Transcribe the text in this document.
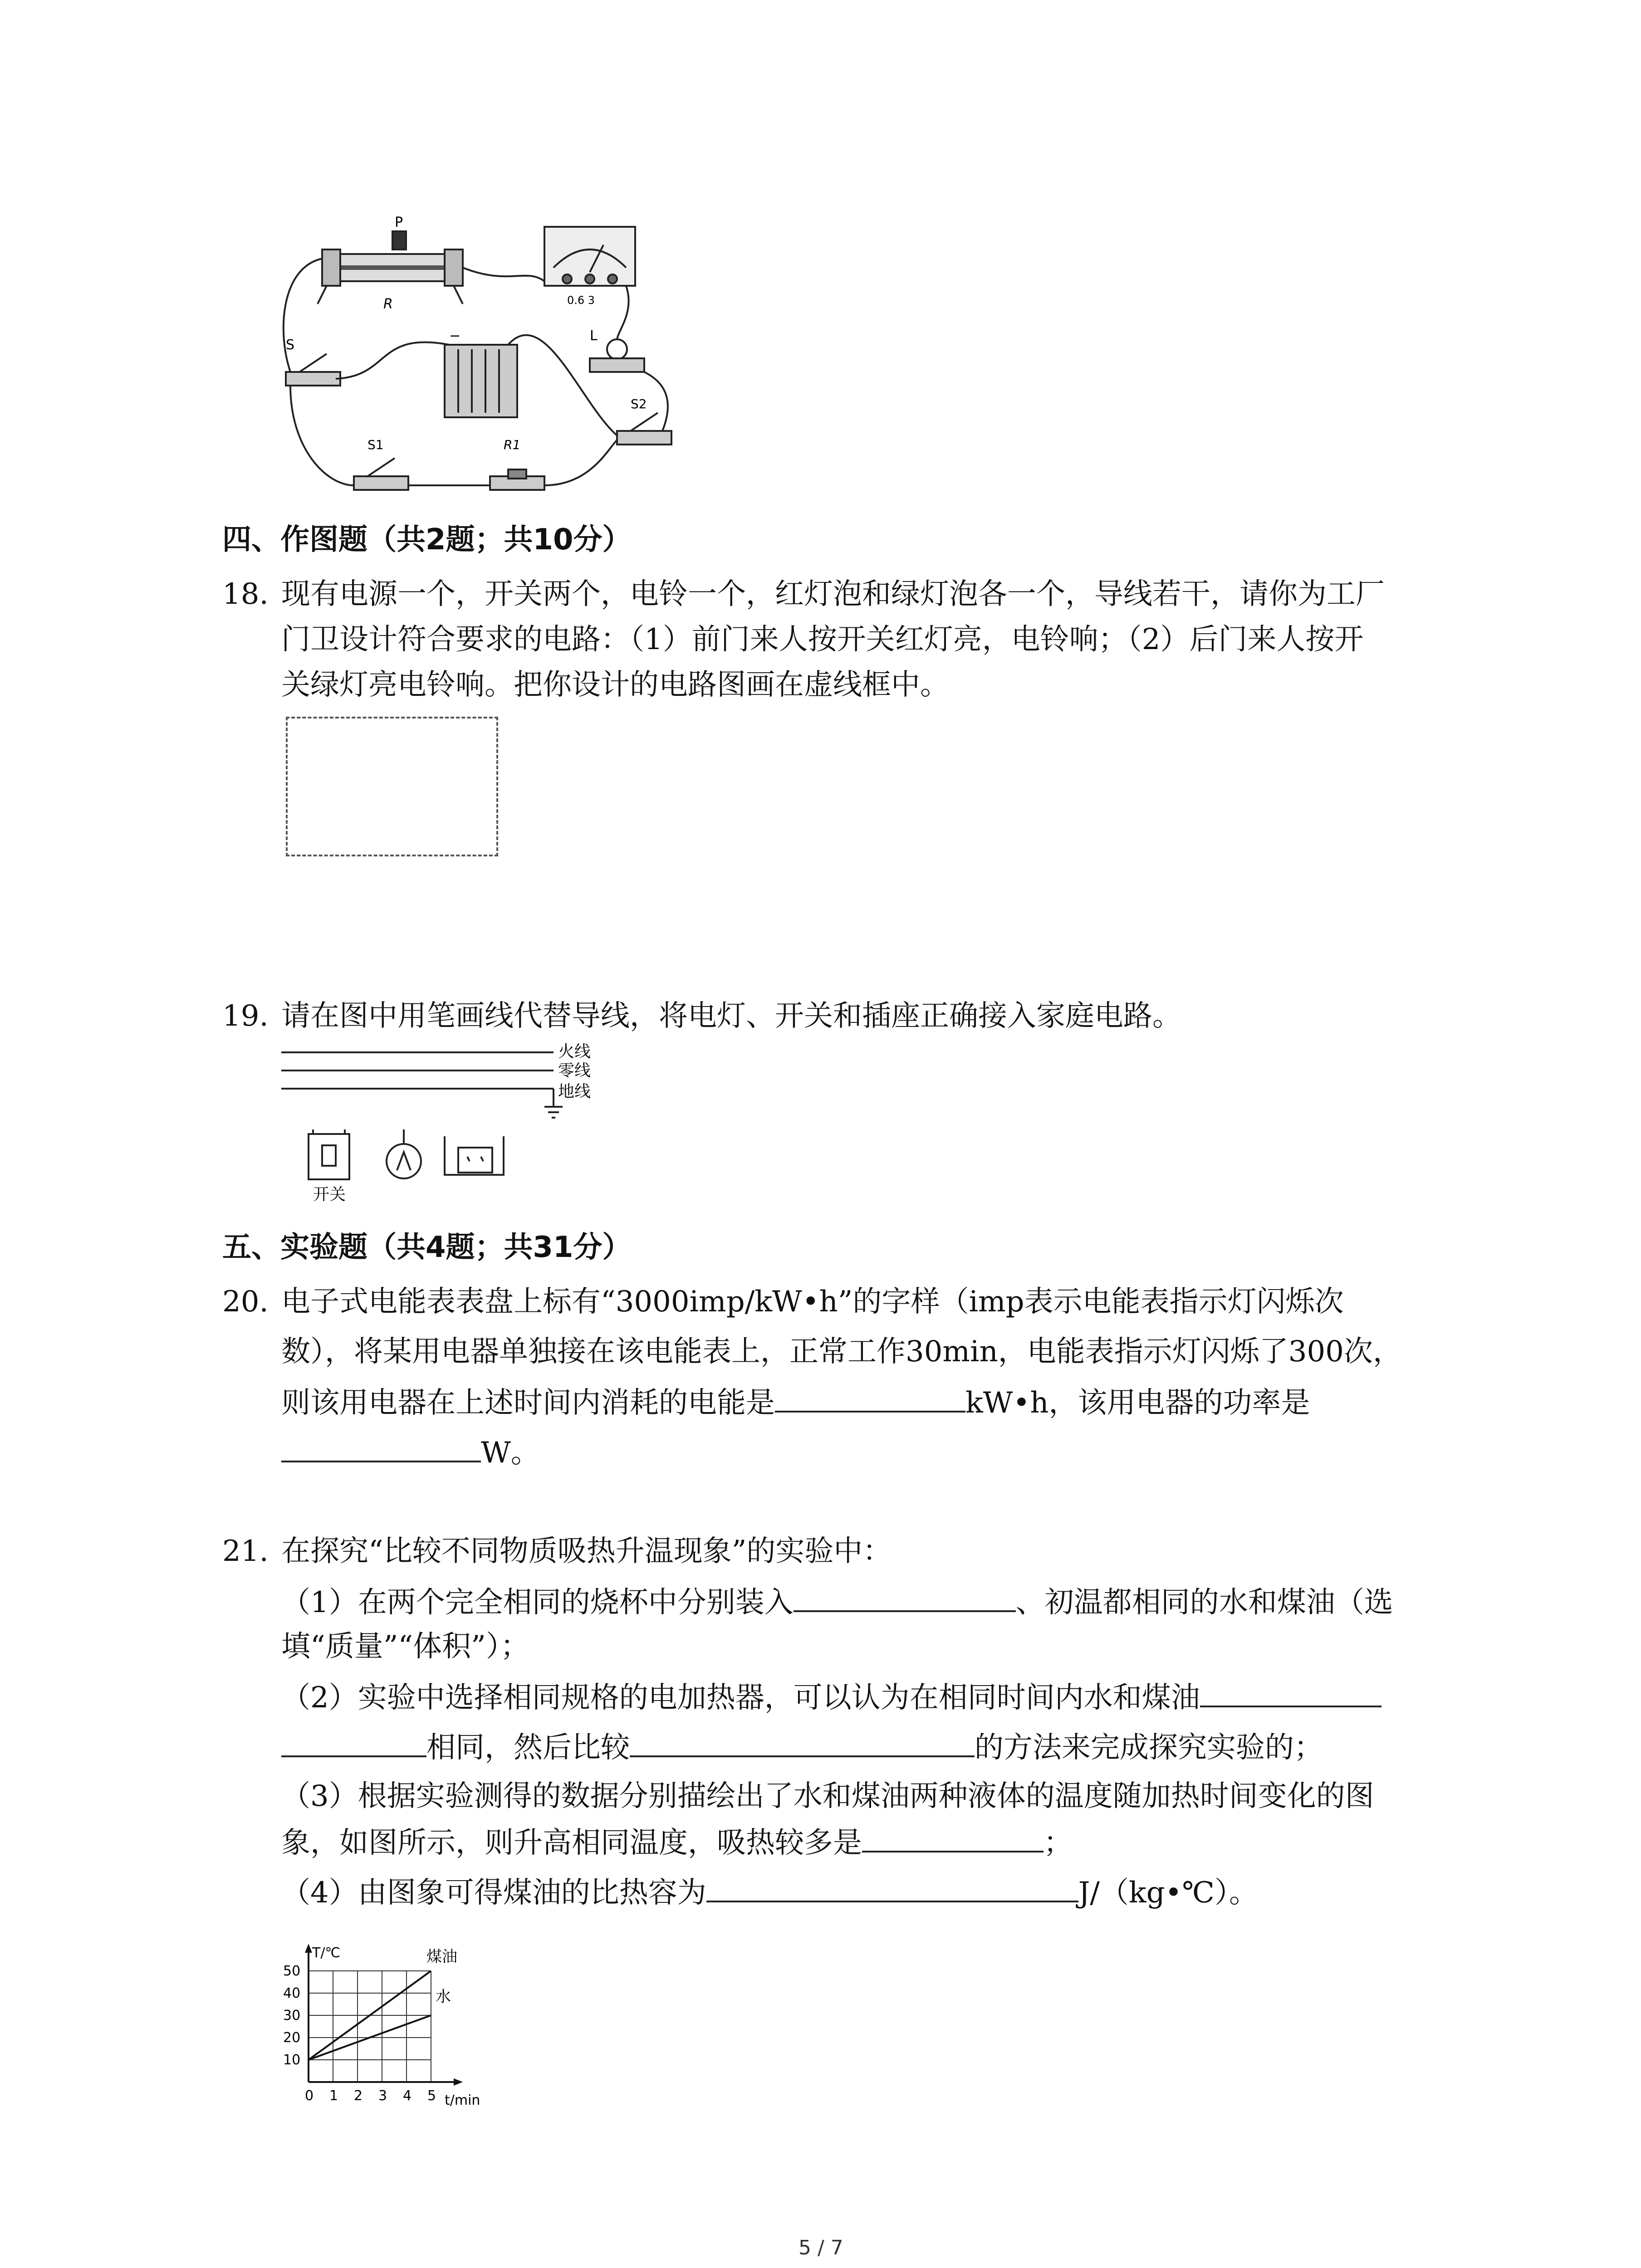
P
R	0.6 3
−
S
L
S2
S1	R1
四、作图题（共2题；共10分）
18. 现有电源一个，开关两个，电铃一个，红灯泡和绿灯泡各一个，导线若干，请你为工厂
门卫设计符合要求的电路：（1）前门来人按开关红灯亮，电铃响；（2）后门来人按开
关绿灯亮电铃响。把你设计的电路图画在虚线框中。
19. 请在图中用笔画线代替导线，将电灯、开关和插座正确接入家庭电路。
火线
零线
地线
开关
五、实验题（共4题；共31分）
20. 电子式电能表表盘上标有“3000imp/kW•h”的字样（imp表示电能表指示灯闪烁次
数），将某用电器单独接在该电能表上，正常工作30min，电能表指示灯闪烁了300次，
则该用电器在上述时间内消耗的电能是	kW•h，该用电器的功率是
W。
21. 在探究“比较不同物质吸热升温现象”的实验中：
（1）在两个完全相同的烧杯中分别装入	、初温都相同的水和煤油（选
填“质量”“体积”）；
（2）实验中选择相同规格的电加热器，可以认为在相同时间内水和煤油
相同，然后比较	的方法来完成探究实验的；
（3）根据实验测得的数据分别描绘出了水和煤油两种液体的温度随加热时间变化的图
象，如图所示，则升高相同温度，吸热较多是	；
（4）由图象可得煤油的比热容为	J/（kg•℃）。
0 1 2 3 4 5
10
20
30
40
50
T/℃
t/min
煤油
水
5 / 7
